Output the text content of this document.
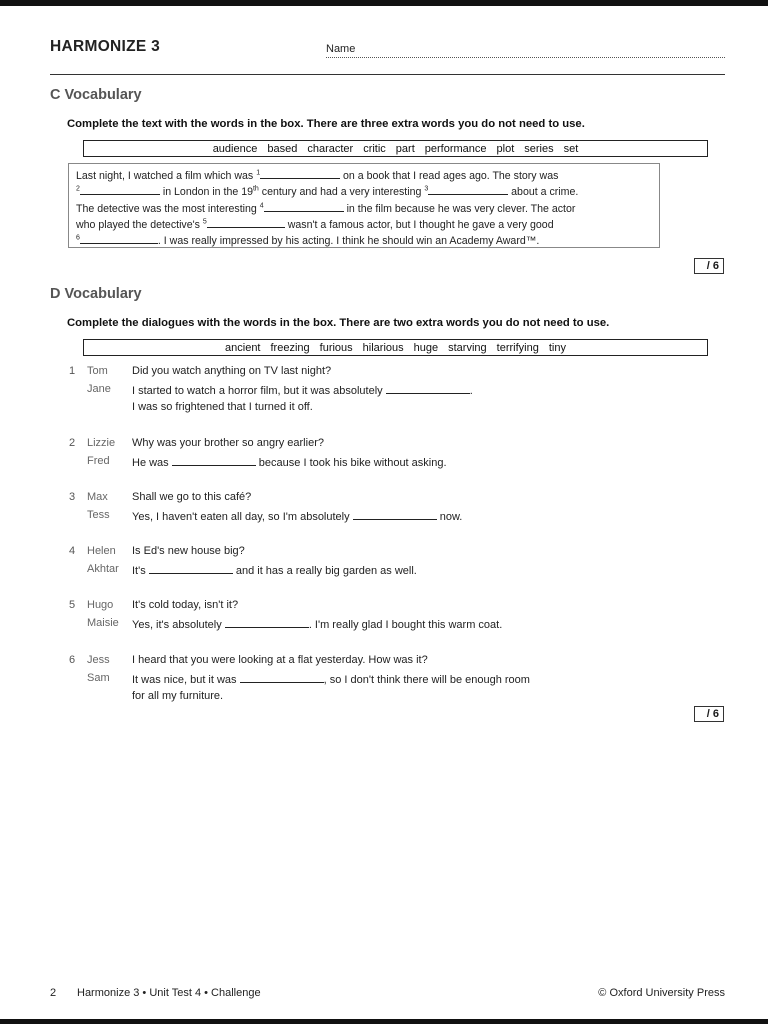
HARMONIZE 3	Name
C Vocabulary
Complete the text with the words in the box. There are three extra words you do not need to use.
audience based character critic part performance plot series set
Last night, I watched a film which was $^1$	on a book that I read ages ago. The story was
$^2$	in London in the 19th century and had a very interesting $^3$	about a crime.
The detective was the most interesting $^4$	in the film because he was very clever. The actor
who played the detective's $^5$	wasn't a famous actor, but I thought he gave a very good
$^6$	. I was really impressed by his acting. I think he should win an Academy Award™.
/ 6
D Vocabulary
Complete the dialogues with the words in the box. There are two extra words you do not need to use.
ancient freezing furious hilarious huge starving terrifying tiny
1 Tom Did you watch anything on TV last night?
Jane I started to watch a horror film, but it was absolutely	.
I was so frightened that I turned it off.
2 Lizzie Why was your brother so angry earlier?
Fred He was	because I took his bike without asking.
3 Max Shall we go to this café?
Tess Yes, I haven't eaten all day, so I'm absolutely	now.
4 Helen Is Ed's new house big?
Akhtar It's	and it has a really big garden as well.
5 Hugo It's cold today, isn't it?
Maisie Yes, it's absolutely	. I'm really glad I bought this warm coat.
6 Jess I heard that you were looking at a flat yesterday. How was it?
Sam It was nice, but it was	, so I don't think there will be enough room
for all my furniture.
/ 6
2 Harmonize 3 • Unit Test 4 • Challenge	© Oxford University Press
